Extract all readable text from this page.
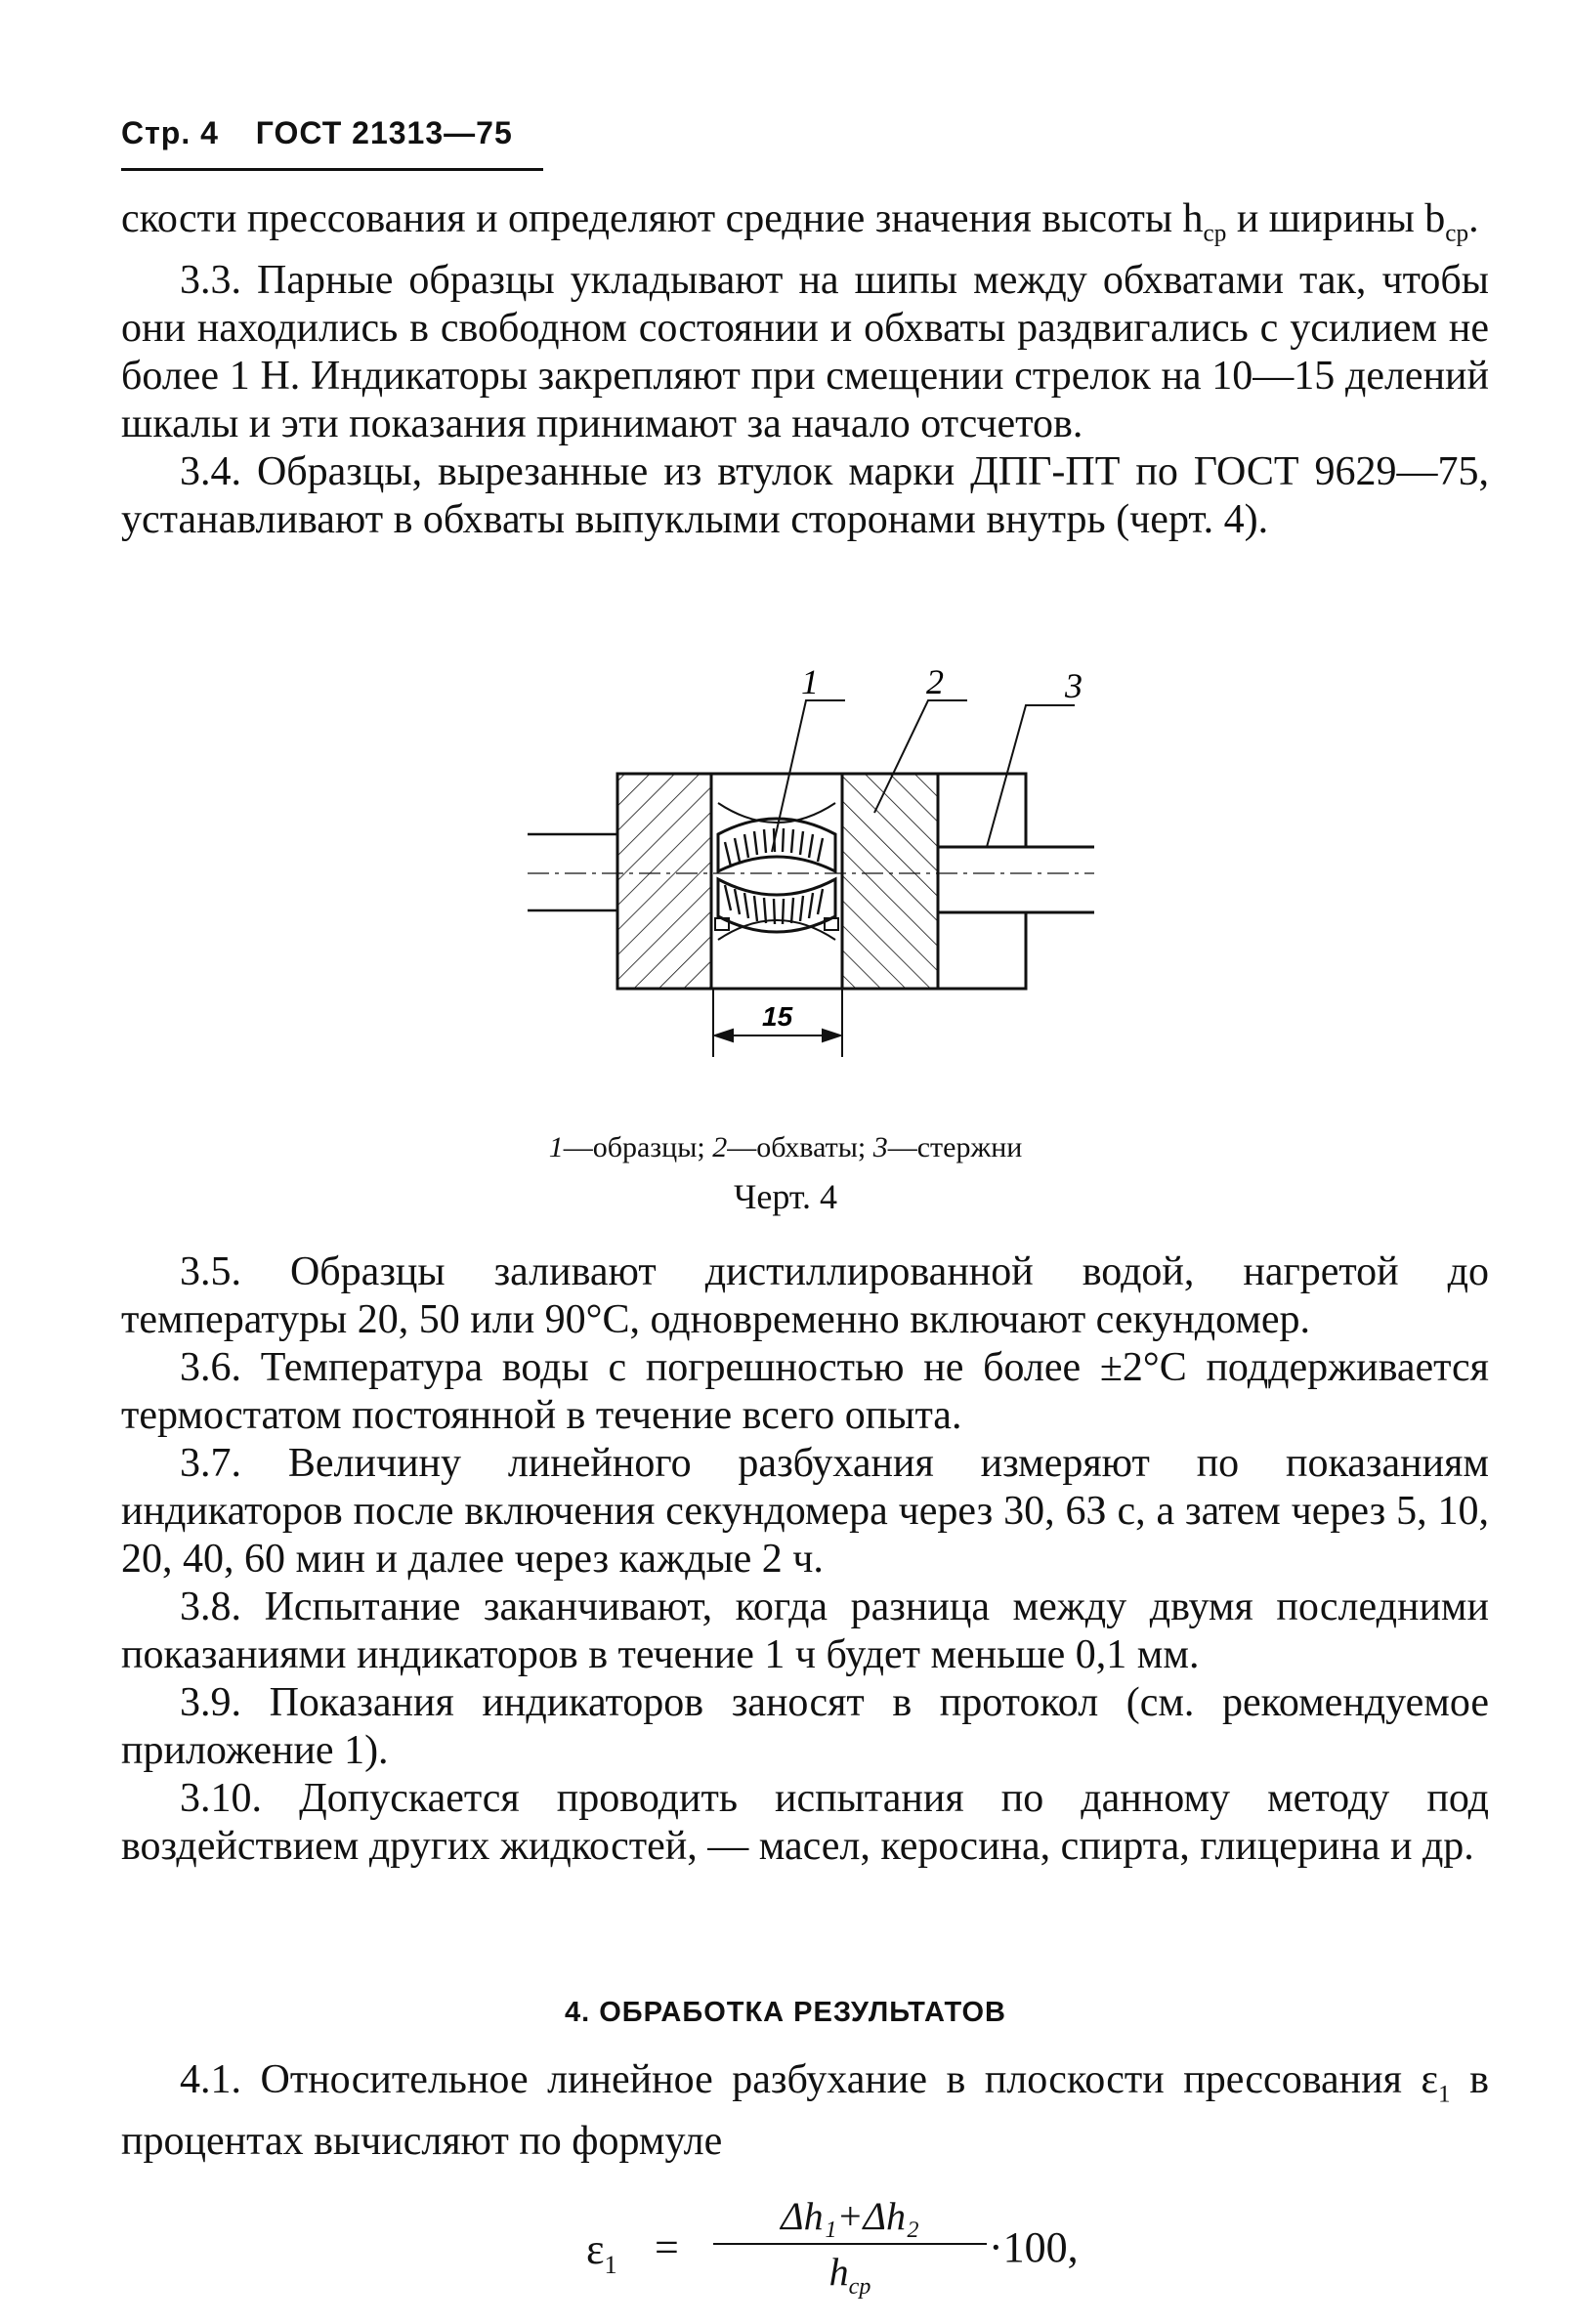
Стр. 4 ГОСТ 21313—75

скости прессования и определяют средние значения высоты $h_{ср}$ и ширины $b_{ср}$.

3.3. Парные образцы укладывают на шипы между обхватами так, чтобы они находились в свободном состоянии и обхваты раздвигались с усилием не более 1 Н. Индикаторы закрепляют при смещении стрелок на 10—15 делений шкалы и эти показания принимают за начало отсчетов.

3.4. Образцы, вырезанные из втулок марки ДПГ-ПТ по ГОСТ 9629—75, устанавливают в обхваты выпуклыми сторонами внутрь (черт. 4).

1	2	3
15
1—образцы; 2—обхваты; 3—стержни
Черт. 4

3.5. Образцы заливают дистиллированной водой, нагретой до температуры 20, 50 или 90°С, одновременно включают секундомер.

3.6. Температура воды с погрешностью не более ±2°С поддерживается термостатом постоянной в течение всего опыта.

3.7. Величину линейного разбухания измеряют по показаниям индикаторов после включения секундомера через 30, 6З с, а затем через 5, 10, 20, 40, 60 мин и далее через каждые 2 ч.

3.8. Испытание заканчивают, когда разница между двумя последними показаниями индикаторов в течение 1 ч будет меньше 0,1 мм.

3.9. Показания индикаторов заносят в протокол (см. рекомендуемое приложение 1).

3.10. Допускается проводить испытания по данному методу под воздействием других жидкостей, — масел, керосина, спирта, глицерина и др.

4. ОБРАБОТКА РЕЗУЛЬТАТОВ

4.1. Относительное линейное разбухание в плоскости прессования $\varepsilon_1$ в процентах вычисляют по формуле

$\varepsilon_1$ =
Δh₁+Δh₂
$h_{ср}$
·100,
